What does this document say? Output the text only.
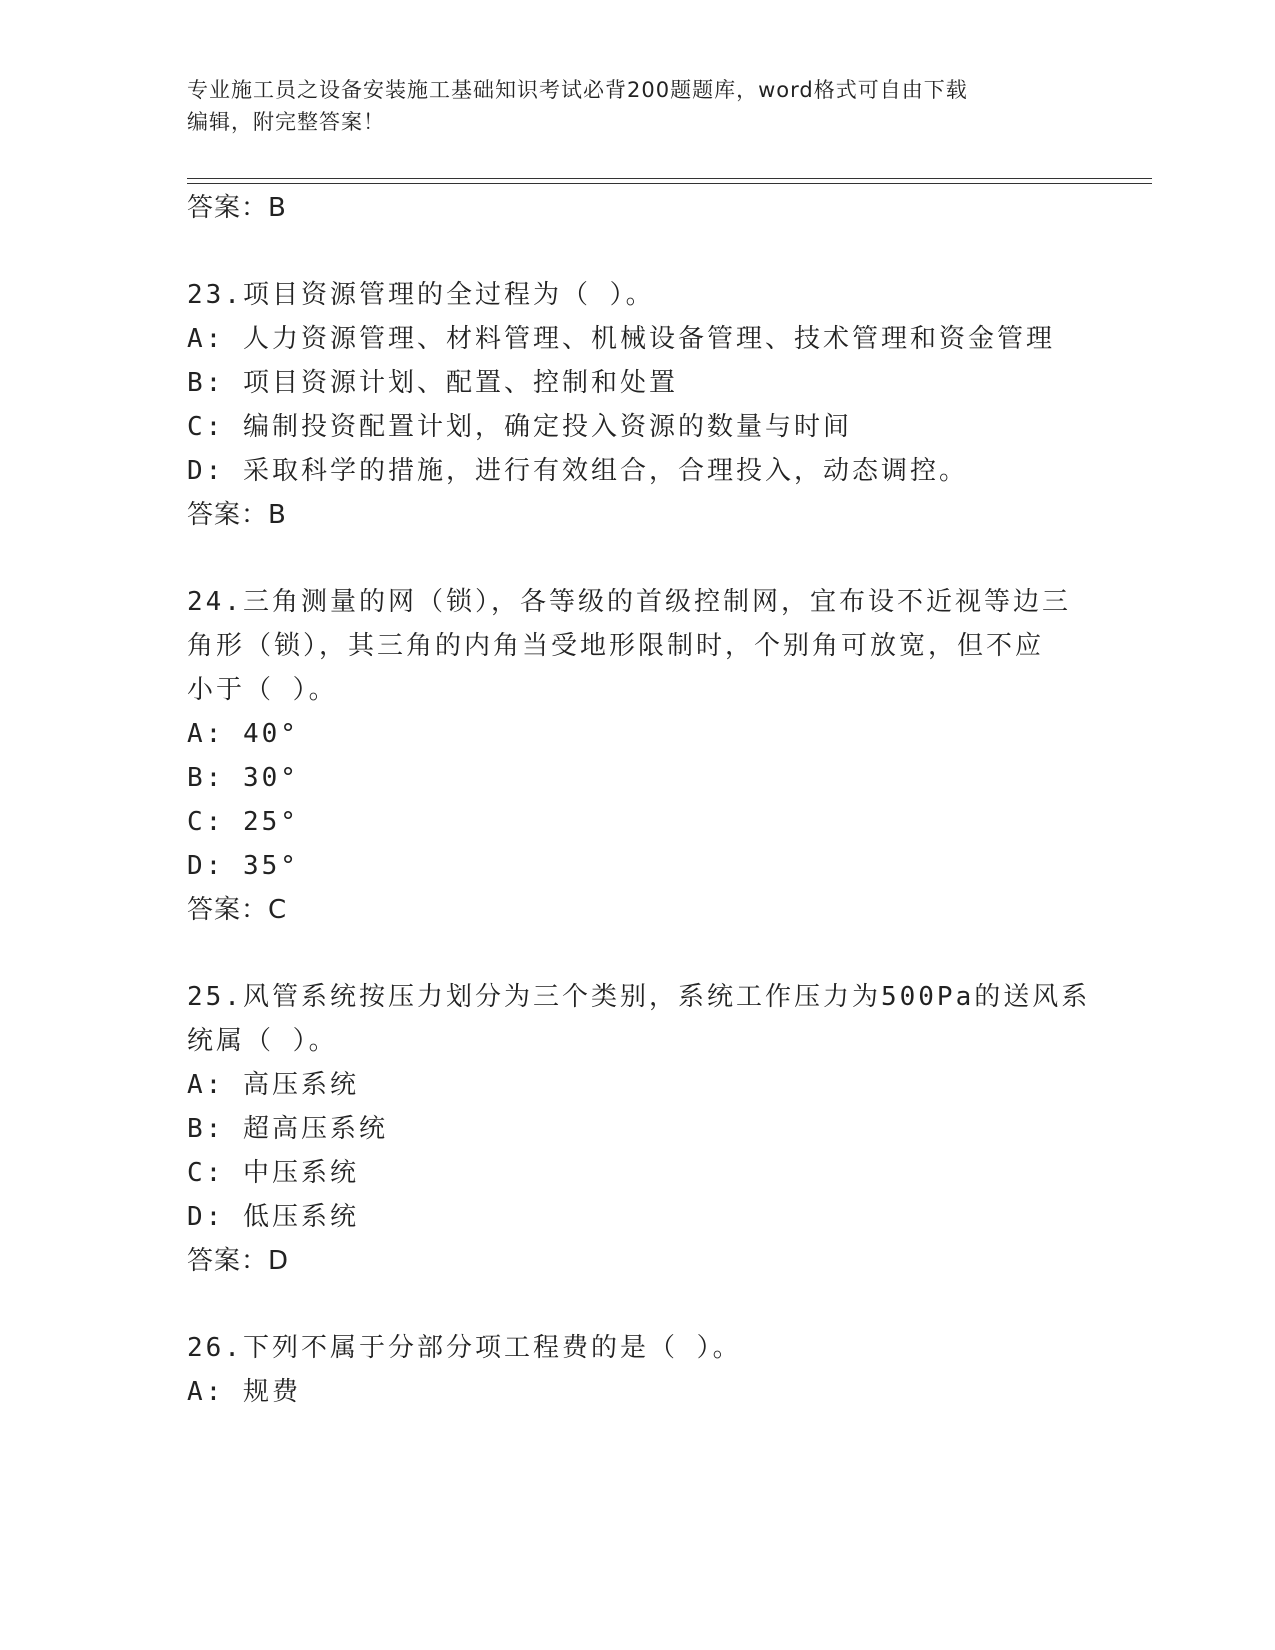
专业施工员之设备安装施工基础知识考试必背200题题库，word格式可自由下载
编辑，附完整答案！
答案：B
23.项目资源管理的全过程为（ ）。
A: 人力资源管理、材料管理、机械设备管理、技术管理和资金管理
B: 项目资源计划、配置、控制和处置
C: 编制投资配置计划，确定投入资源的数量与时间
D: 采取科学的措施，进行有效组合，合理投入，动态调控。
答案：B
24.三角测量的网（锁），各等级的首级控制网，宜布设不近视等边三
角形（锁），其三角的内角当受地形限制时，个别角可放宽，但不应
小于（ ）。
A: 40°
B: 30°
C: 25°
D: 35°
答案：C
25.风管系统按压力划分为三个类别，系统工作压力为500Pa的送风系
统属（ ）。
A: 高压系统
B: 超高压系统
C: 中压系统
D: 低压系统
答案：D
26.下列不属于分部分项工程费的是（ ）。
A: 规费
